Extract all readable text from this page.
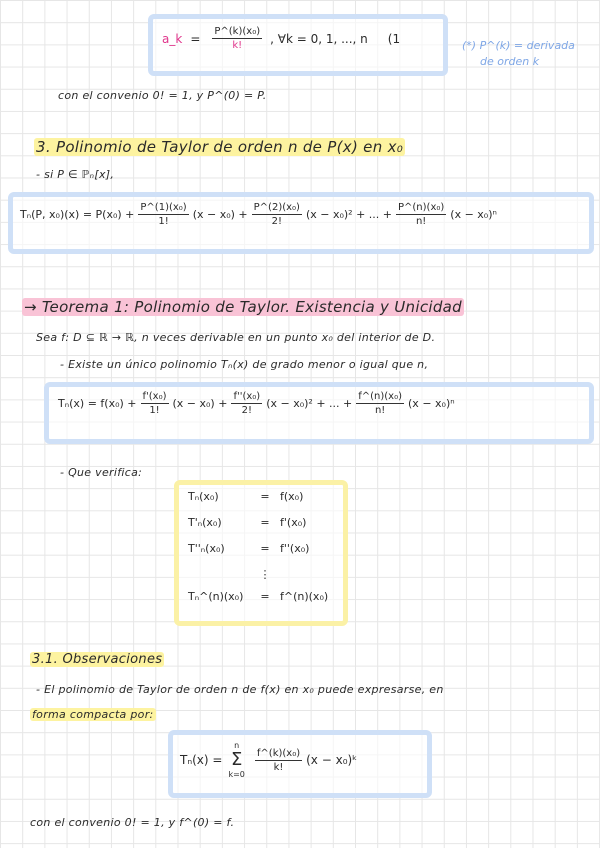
a_k = $\frac{\text{P\textasciicircum{}(k)(x₀)}}{k!}$ , ∀k = 0, 1, ..., n (1	(*) P^(k) = derivada
de orden k
con el convenio 0! = 1, y P^(0) = P.
3. Polinomio de Taylor de orden n de P(x) en x₀
- si P ∈ ℙₙ[x],
Tₙ(P, $x_0)(x) = P(x_0) + \frac{\text{P\textasciicircum{}(1)(x₀)}}{1!} (x - x_0) + \frac{\text{P\textasciicircum{}(2)(x₀)}}{2!} (x - x_0)^2$ + ... + $\frac{\text{P\textasciicircum{}(n)(x₀)}}{n!} (x - x_0)^n$
→ Teorema 1: Polinomio de Taylor. Existencia y Unicidad
Sea f: D ⊆ ℝ → ℝ, n veces derivable en un punto x₀ del interior de D.
- Existe un único polinomio Tₙ(x) de grado menor o igual que n,
$T_n(x) = f(x_0) + \frac{\text{f'(x₀)}}{1!} (x - x_0) + \frac{\text{f''(x₀)}}{2!} (x - x_0)^2$ + ... + $\frac{\text{f\textasciicircum{}(n)(x₀)}}{n!} (x - x_0)^n$
- Que verifica:
Tₙ(x₀)	= f(x₀)
T'ₙ(x₀)	= f'(x₀)
T''ₙ(x₀)	= f''(x₀)
⋮
Tₙ^(n)(x₀)	= f^(n)(x₀)
3.1. Observaciones
- El polinomio de Taylor de orden n de f(x) en x₀ puede expresarse, en
forma compacta por:
Tₙ(x) =
n
Σ
k=0
$\frac{\text{f\textasciicircum{}(k)(x₀)}}{k!} (x$ − x₀)ᵏ
con el convenio 0! = 1, y f^(0) = f.
